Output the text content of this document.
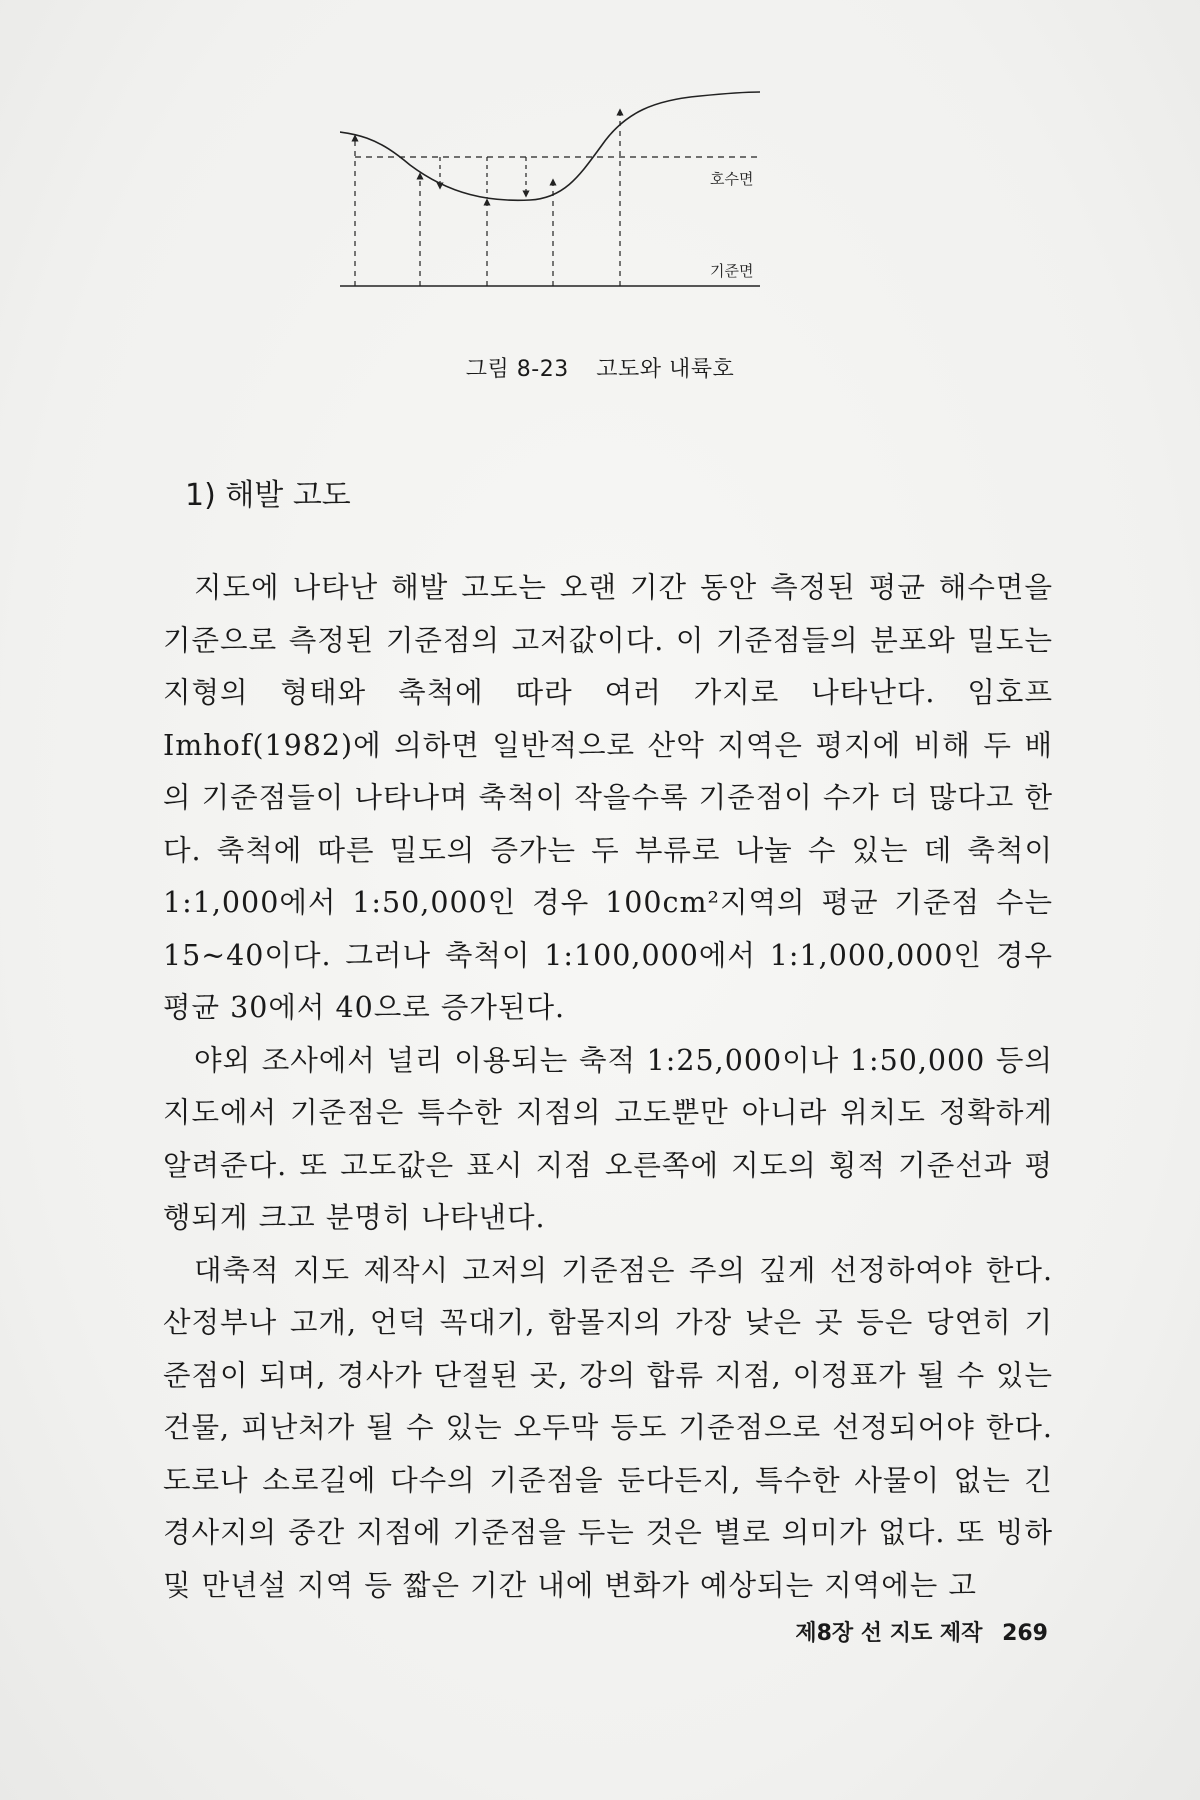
호수면
기준면
그림 8-23 고도와 내륙호
1) 해발 고도

지도에 나타난 해발 고도는 오랜 기간 동안 측정된 평균 해수면을 기준으로 측정된 기준점의 고저값이다. 이 기준점들의 분포와 밀도는 지형의 형태와 축척에 따라 여러 가지로 나타난다. 임호프 Imhof(1982)에 의하면 일반적으로 산악 지역은 평지에 비해 두 배의 기준점들이 나타나며 축척이 작을수록 기준점이 수가 더 많다고 한다. 축척에 따른 밀도의 증가는 두 부류로 나눌 수 있는 데 축척이 1:1,000에서 1:50,000인 경우 100cm²지역의 평균 기준점 수는 15~40이다. 그러나 축척이 1:100,000에서 1:1,000,000인 경우 평균 30에서 40으로 증가된다.

야외 조사에서 널리 이용되는 축적 1:25,000이나 1:50,000 등의 지도에서 기준점은 특수한 지점의 고도뿐만 아니라 위치도 정확하게 알려준다. 또 고도값은 표시 지점 오른쪽에 지도의 횡적 기준선과 평행되게 크고 분명히 나타낸다.

대축적 지도 제작시 고저의 기준점은 주의 깊게 선정하여야 한다. 산정부나 고개, 언덕 꼭대기, 함몰지의 가장 낮은 곳 등은 당연히 기준점이 되며, 경사가 단절된 곳, 강의 합류 지점, 이정표가 될 수 있는 건물, 피난처가 될 수 있는 오두막 등도 기준점으로 선정되어야 한다. 도로나 소로길에 다수의 기준점을 둔다든지, 특수한 사물이 없는 긴 경사지의 중간 지점에 기준점을 두는 것은 별로 의미가 없다. 또 빙하 및 만년설 지역 등 짧은 기간 내에 변화가 예상되는 지역에는 고

제8장 선 지도 제작 269
